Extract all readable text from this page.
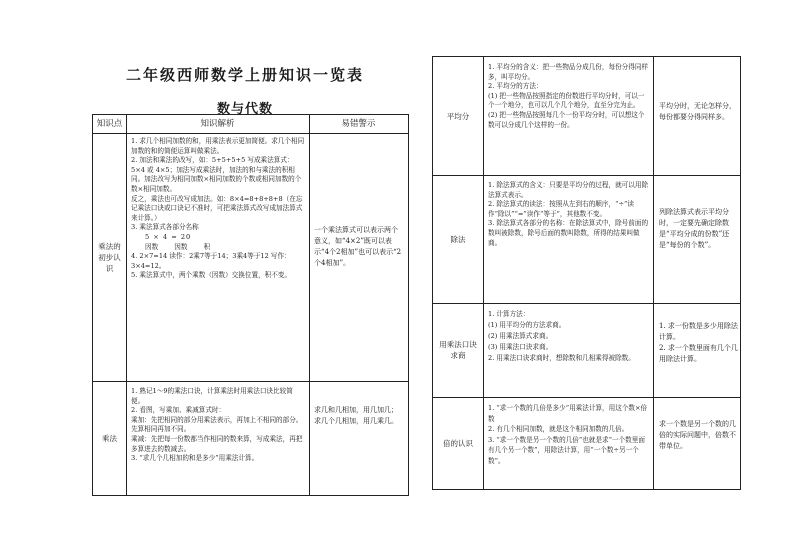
二年级西师数学上册知识一览表
数与代数
知识点	知识解析	易错警示
乘法的初步认识

1. 求几个相同加数的和，用乘法表示更加简便。求几个相同加数的和的简便运算叫做乘法。

2. 加法和乘法的改写，如：5+5+5+5 写成乘法算式：5×4 或 4×5；加法写成乘法时，加法的和与乘法的积相同。加法改写为相同加数×相同加数的个数或相同加数的个数×相同加数。

反之，乘法也可改写成加法。如：8×4=8+8+8+8（在忘记乘法口诀或口诀记不准时，可把乘法算式改写成加法算式来计算。）

3. 乘法算式各部分名称

5 × 4 = 20

因数 因数 积

4. 2×7=14 读作：2乘7等于14；3乘4等于12 写作：3×4=12。

5. 乘法算式中，两个乘数（因数）交换位置，积不变。

一个乘法算式可以表示两个意义，如“4×2”既可以表示“4个2相加”也可以表示“2个4相加”。
乘法

1. 熟记1～9的乘法口诀，计算乘法时用乘法口诀比较简便。

2. 看图，写乘加、乘减算式时：

乘加：先把相同的部分用乘法表示，再加上不相同的部分。先算相同再加不同。

乘减：先把每一份数都当作相同的数来算，写成乘法，再把多算进去的数减去。

3. “求几个几相加的和是多少”用乘法计算。

求几和几相加，用几加几；求几个几相加，用几乘几。
平均分

1. 平均分的含义：把一些物品分成几份，每份分得同样多，叫平均分。

2. 平均分的方法：

(1) 把一些物品按照指定的份数进行平均分时，可以一个一个地分，也可以几个几个地分，直至分完为止。

(2) 把一些物品按照每几个一份平均分时，可以想这个数可以分成几个这样的一份。

平均分时，无论怎样分，每份都要分得同样多。
除法

1. 除法算式的含义：只要是平均分的过程，就可以用除法算式表示。

2. 除法算式的读法：按照从左到右的顺序，“÷”读作“除以”“=”读作“等于”，其他数不变。

3. 除法算式各部分的名称：在除法算式中，除号前面的数叫被除数，除号后面的数叫除数，所得的结果叫做商。

列除法算式表示平均分时，一定要先确定除数是“平均分成的份数”还是“每份的个数”。
用乘法口诀求商

1. 计算方法：

(1) 用平均分的方法求商。

(2) 用乘法算式求商。

(3) 用乘法口诀求商。

2. 用乘法口诀求商时，想除数和几相乘得被除数。

1. 求一份数是多少用除法计算。
2. 求一个数里面有几个几用除法计算。
倍的认识

1. “求一个数的几倍是多少”用乘法计算，用这个数×倍数

2. 有几个相同加数，就是这个相同加数的几倍。

3. “求一个数是另一个数的几倍”也就是求“一个数里面有几个另一个数”，用除法计算，用“一个数÷另一个数”。

求一个数是另一个数的几倍的实际问题中，倍数不带单位。
